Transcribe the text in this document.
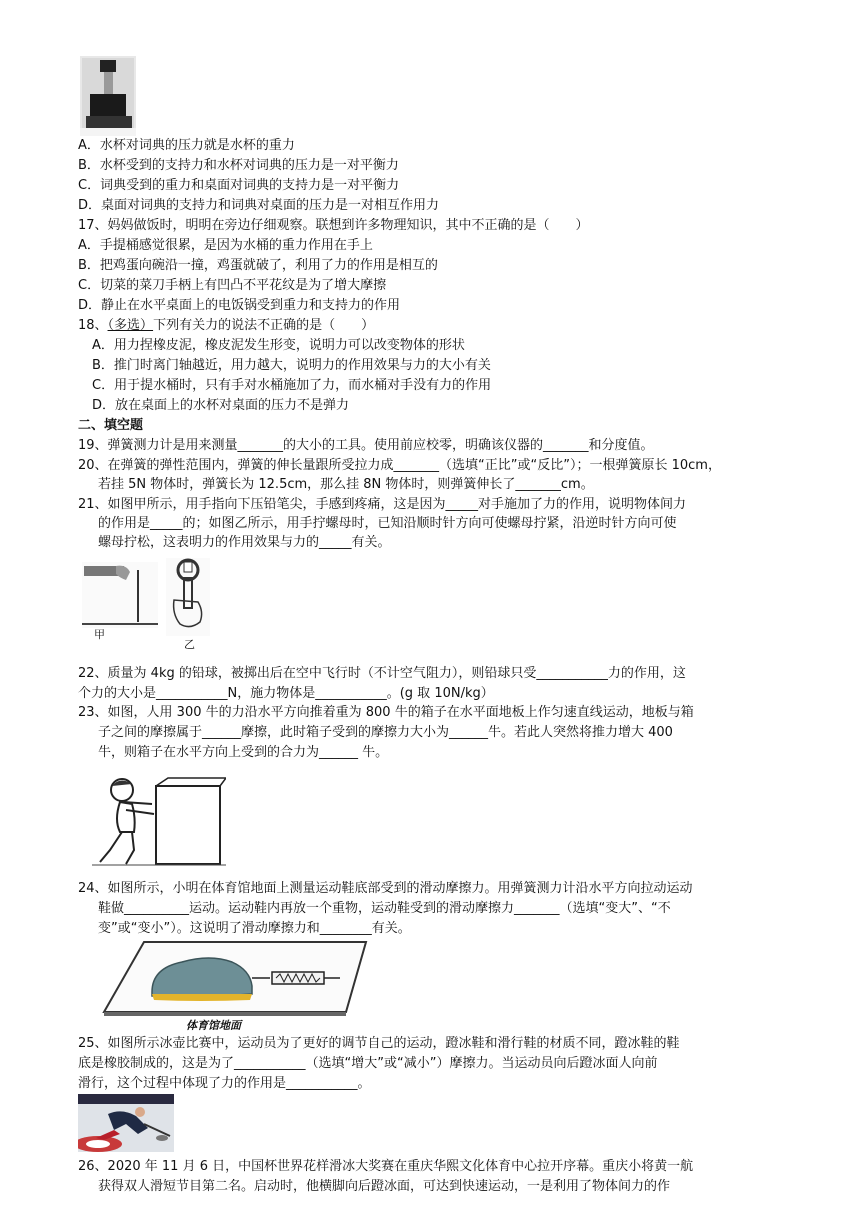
A．水杯对词典的压力就是水杯的重力
B．水杯受到的支持力和水杯对词典的压力是一对平衡力
C．词典受到的重力和桌面对词典的支持力是一对平衡力
D．桌面对词典的支持力和词典对桌面的压力是一对相互作用力
17、妈妈做饭时，明明在旁边仔细观察。联想到许多物理知识，其中不正确的是（　　）
A．手提桶感觉很累，是因为水桶的重力作用在手上
B．把鸡蛋向碗沿一撞，鸡蛋就破了，利用了力的作用是相互的
C．切菜的菜刀手柄上有凹凸不平花纹是为了增大摩擦
D．静止在水平桌面上的电饭锅受到重力和支持力的作用
18、（多选）下列有关力的说法不正确的是（　　）
A．用力捏橡皮泥，橡皮泥发生形变，说明力可以改变物体的形状
B．推门时离门轴越近，用力越大，说明力的作用效果与力的大小有关
C．用于提水桶时，只有手对水桶施加了力，而水桶对手没有力的作用
D．放在桌面上的水杯对桌面的压力不是弹力
二、填空题
19、弹簧测力计是用来测量_______的大小的工具。使用前应校零，明确该仪器的_______和分度值。
20、在弹簧的弹性范围内，弹簧的伸长量跟所受拉力成_______（选填“正比”或“反比”）；一根弹簧原长 10cm，
若挂 5N 物体时，弹簧长为 12.5cm，那么挂 8N 物体时，则弹簧伸长了_______cm。
21、如图甲所示，用手指向下压铅笔尖，手感到疼痛，这是因为_____对手施加了力的作用，说明物体间力
的作用是_____的；如图乙所示，用手拧螺母时，已知沿顺时针方向可使螺母拧紧，沿逆时针方向可使
螺母拧松，这表明力的作用效果与力的_____有关。
甲
乙
22、质量为 4kg 的铅球，被掷出后在空中飞行时（不计空气阻力），则铅球只受___________力的作用，这
个力的大小是___________N，施力物体是___________。(g 取 10N/kg）
23、如图，人用 300 牛的力沿水平方向推着重为 800 牛的箱子在水平面地板上作匀速直线运动，地板与箱
子之间的摩擦属于______摩擦，此时箱子受到的摩擦力大小为______牛。若此人突然将推力增大 400
牛，则箱子在水平方向上受到的合力为______ 牛。
24、如图所示，小明在体育馆地面上测量运动鞋底部受到的滑动摩擦力。用弹簧测力计沿水平方向拉动运动
鞋做__________运动。运动鞋内再放一个重物，运动鞋受到的滑动摩擦力_______（选填“变大”、“不
变”或“变小”）。这说明了滑动摩擦力和________有关。
体育馆地面
25、如图所示冰壶比赛中，运动员为了更好的调节自己的运动，蹬冰鞋和滑行鞋的材质不同，蹬冰鞋的鞋
底是橡胶制成的，这是为了___________（选填“增大”或“减小”）摩擦力。当运动员向后蹬冰面人向前
滑行，这个过程中体现了力的作用是___________。
26、2020 年 11 月 6 日，中国杯世界花样滑冰大奖赛在重庆华熙文化体育中心拉开序幕。重庆小将黄一航
获得双人滑短节目第二名。启动时，他横脚向后蹬冰面，可达到快速运动，一是利用了物体间力的作
